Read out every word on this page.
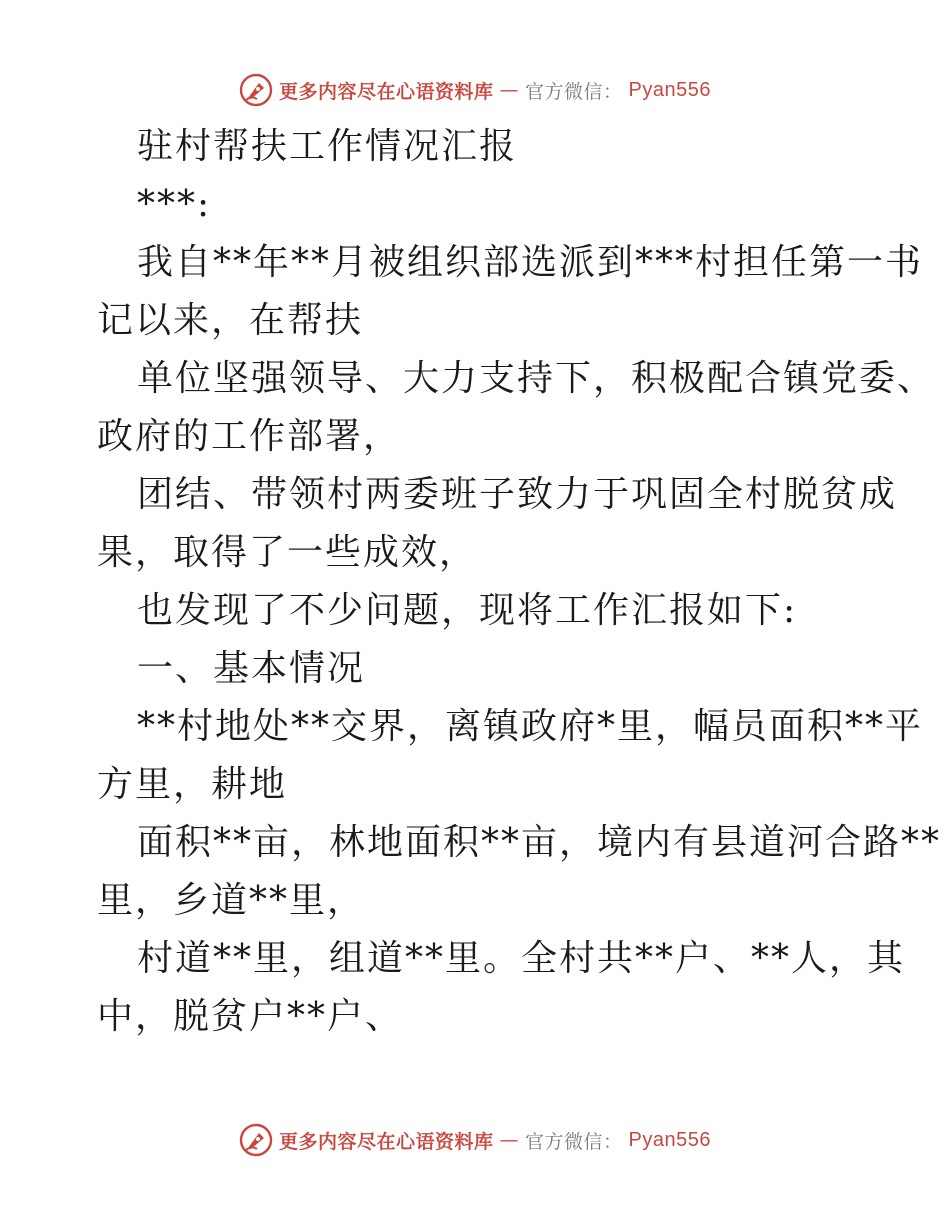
更多内容尽在心语资料库 — 官方微信： Pyan556
驻村帮扶工作情况汇报
***:
我自**年**月被组织部选派到***村担任第一书
记以来，在帮扶
单位坚强领导、大力支持下，积极配合镇党委、
政府的工作部署，
团结、带领村两委班子致力于巩固全村脱贫成
果，取得了一些成效，
也发现了不少问题，现将工作汇报如下:
一、基本情况
**村地处**交界，离镇政府*里，幅员面积**平
方里，耕地
面积**亩，林地面积**亩，境内有县道河合路**
里，乡道**里，
村道**里，组道**里。全村共**户、**人，其
中，脱贫户**户、
更多内容尽在心语资料库 — 官方微信： Pyan556
